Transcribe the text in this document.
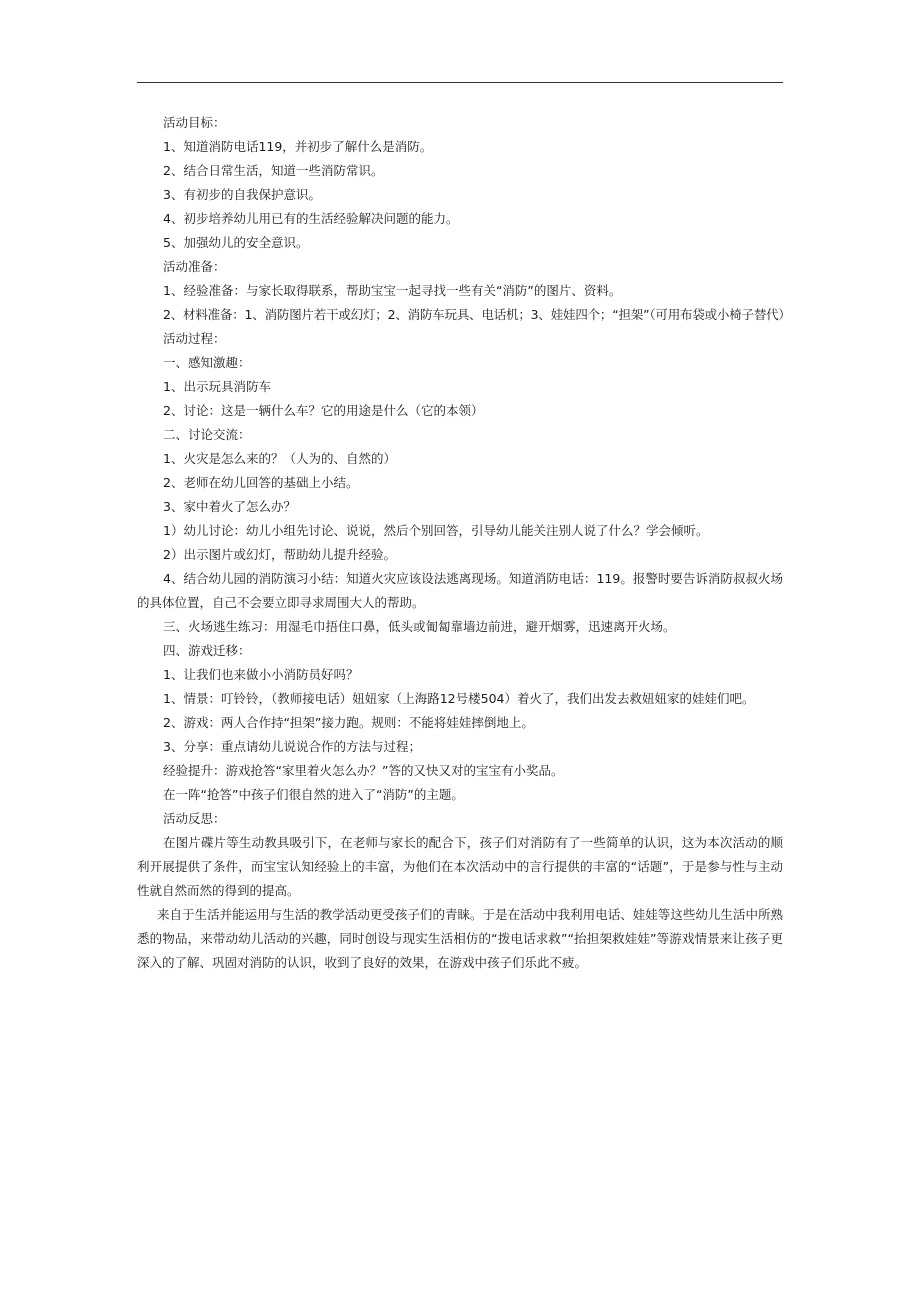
活动目标：

1、知道消防电话119，并初步了解什么是消防。

2、结合日常生活，知道一些消防常识。

3、有初步的自我保护意识。

4、初步培养幼儿用已有的生活经验解决问题的能力。

5、加强幼儿的安全意识。

活动准备：

1、经验准备：与家长取得联系，帮助宝宝一起寻找一些有关“消防”的图片、资料。

2、材料准备：1、消防图片若干或幻灯；2、消防车玩具、电话机；3、娃娃四个；“担架”（可用布袋或小椅子替代）

活动过程：

一、感知激趣：

1、出示玩具消防车

2、讨论：这是一辆什么车？它的用途是什么（它的本领）

二、讨论交流：

1、火灾是怎么来的？（人为的、自然的）

2、老师在幼儿回答的基础上小结。

3、家中着火了怎么办？

1）幼儿讨论：幼儿小组先讨论、说说，然后个别回答，引导幼儿能关注别人说了什么？学会倾听。

2）出示图片或幻灯，帮助幼儿提升经验。

4、结合幼儿园的消防演习小结：知道火灾应该设法逃离现场。知道消防电话：119。报警时要告诉消防叔叔火场的具体位置，自己不会要立即寻求周围大人的帮助。

三、火场逃生练习：用湿毛巾捂住口鼻，低头或匍匐靠墙边前进，避开烟雾，迅速离开火场。

四、游戏迁移：

1、让我们也来做小小消防员好吗？

1、情景：叮铃铃，（教师接电话）妞妞家（上海路12号楼504）着火了，我们出发去救妞妞家的娃娃们吧。

2、游戏：两人合作持“担架”接力跑。规则：不能将娃娃摔倒地上。

3、分享：重点请幼儿说说合作的方法与过程；

经验提升：游戏抢答“家里着火怎么办？”答的又快又对的宝宝有小奖品。

在一阵“抢答”中孩子们很自然的进入了“消防”的主题。

活动反思：

在图片碟片等生动教具吸引下，在老师与家长的配合下，孩子们对消防有了一些简单的认识，这为本次活动的顺利开展提供了条件，而宝宝认知经验上的丰富，为他们在本次活动中的言行提供的丰富的“话题”，于是参与性与主动性就自然而然的得到的提高。

来自于生活并能运用与生活的教学活动更受孩子们的青睐。于是在活动中我利用电话、娃娃等这些幼儿生活中所熟悉的物品，来带动幼儿活动的兴趣，同时创设与现实生活相仿的“拨电话求救”“抬担架救娃娃”等游戏情景来让孩子更深入的了解、巩固对消防的认识，收到了良好的效果，在游戏中孩子们乐此不疲。
